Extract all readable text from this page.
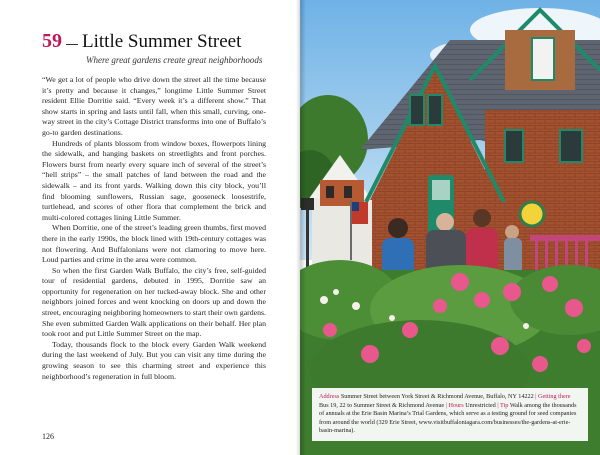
59 Little Summer Street
Where great gardens create great neighborhoods

“We get a lot of people who drive down the street all the time because it’s pretty and because it changes,” longtime Little Summer Street resident Ellie Dorritie said. “Every week it’s a different show.” That show starts in spring and lasts until fall, when this small, curving, one-way street in the city’s Cottage District transforms into one of Buffalo’s go-to garden destinations.

Hundreds of plants blossom from window boxes, flowerpots lining the sidewalk, and hanging baskets on streetlights and front porches. Flowers burst from nearly every square inch of several of the street’s “hell strips” – the small patches of land between the road and the sidewalk – and its front yards. Walking down this city block, you’ll find blooming sunflowers, Russian sage, gooseneck loosestrife, turtlehead, and scores of other flora that complement the brick and multi-colored cottages lining Little Summer.

When Dorritie, one of the street’s leading green thumbs, first moved there in the early 1990s, the block lined with 19th-century cottages was not flowering. And Buffalonians were not clamoring to move here. Loud parties and crime in the area were common.

So when the first Garden Walk Buffalo, the city’s free, self-guided tour of residential gardens, debuted in 1995, Dorritie saw an opportunity for regeneration on her tucked-away block. She and other neighbors joined forces and went knocking on doors up and down the street, encouraging neighboring homeowners to start their own gardens. She even submitted Garden Walk applications on their behalf. Her plan took root and put Little Summer Street on the map.

Today, thousands flock to the block every Garden Walk weekend during the last weekend of July. But you can visit any time during the growing season to see this charming street and experience this neighborhood’s regeneration in full bloom.

126
Address Summer Street between York Street & Richmond Avenue, Buffalo, NY 14222 | Getting there Bus 19, 22 to Summer Street & Richmond Avenue | Hours Unrestricted | Tip Walk among the thousands of annuals at the Erie Basin Marina’s Trial Gardens, which serve as a testing ground for seed companies from around the world (329 Erie Street, www.visitbuffaloniagara.com/businesses/the-gardens-at-erie-basin-marina).
